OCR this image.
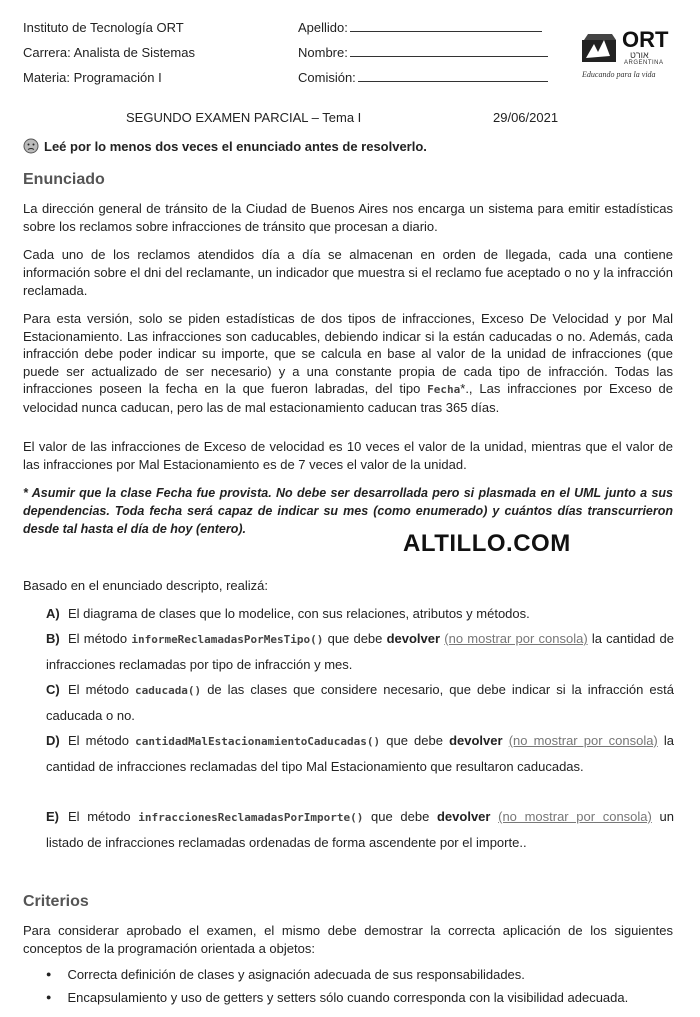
Instituto de Tecnología ORT
Carrera: Analista de Sistemas
Materia: Programación I
Apellido:
Nombre:
Comisión:
ORT
אורט
ARGENTINA
Educando para la vida
SEGUNDO EXAMEN PARCIAL – Tema I	29/06/2021
Leé por lo menos dos veces el enunciado antes de resolverlo.
Enunciado

La dirección general de tránsito de la Ciudad de Buenos Aires nos encarga un sistema para emitir estadísticas sobre los reclamos sobre infracciones de tránsito que procesan a diario.

Cada uno de los reclamos atendidos día a día se almacenan en orden de llegada, cada una contiene información sobre el dni del reclamante, un indicador que muestra si el reclamo fue aceptado o no y la infracción reclamada.

Para esta versión, solo se piden estadísticas de dos tipos de infracciones, Exceso De Velocidad y por Mal Estacionamiento. Las infracciones son caducables, debiendo indicar si la están caducadas o no. Además, cada infracción debe poder indicar su importe, que se calcula en base al valor de la unidad de infracciones (que puede ser actualizado de ser necesario) y a una constante propia de cada tipo de infracción. Todas las infracciones poseen la fecha en la que fueron labradas, del tipo Fecha*., Las infracciones por Exceso de velocidad nunca caducan, pero las de mal estacionamiento caducan tras 365 días.

El valor de las infracciones de Exceso de velocidad es 10 veces el valor de la unidad, mientras que el valor de las infracciones por Mal Estacionamiento es de 7 veces el valor de la unidad.

* Asumir que la clase Fecha fue provista. No debe ser desarrollada pero si plasmada en el UML junto a sus dependencias. Toda fecha será capaz de indicar su mes (como enumerado) y cuántos días transcurrieron desde tal hasta el día de hoy (entero).

ALTILLO.COM
Basado en el enunciado descripto, realizá:
A) El diagrama de clases que lo modelice, con sus relaciones, atributos y métodos.
B) El método informeReclamadasPorMesTipo() que debe devolver (no mostrar por consola) la cantidad de infracciones reclamadas por tipo de infracción y mes.
C) El método caducada() de las clases que considere necesario, que debe indicar si la infracción está caducada o no.
D) El método cantidadMalEstacionamientoCaducadas() que debe devolver (no mostrar por consola) la cantidad de infracciones reclamadas del tipo Mal Estacionamiento que resultaron caducadas.
E) El método infraccionesReclamadasPorImporte() que debe devolver (no mostrar por consola) un listado de infracciones reclamadas ordenadas de forma ascendente por el importe..
Criterios

Para considerar aprobado el examen, el mismo debe demostrar la correcta aplicación de los siguientes conceptos de la programación orientada a objetos:

● Correcta definición de clases y asignación adecuada de sus responsabilidades.
● Encapsulamiento y uso de getters y setters sólo cuando corresponda con la visibilidad adecuada.
